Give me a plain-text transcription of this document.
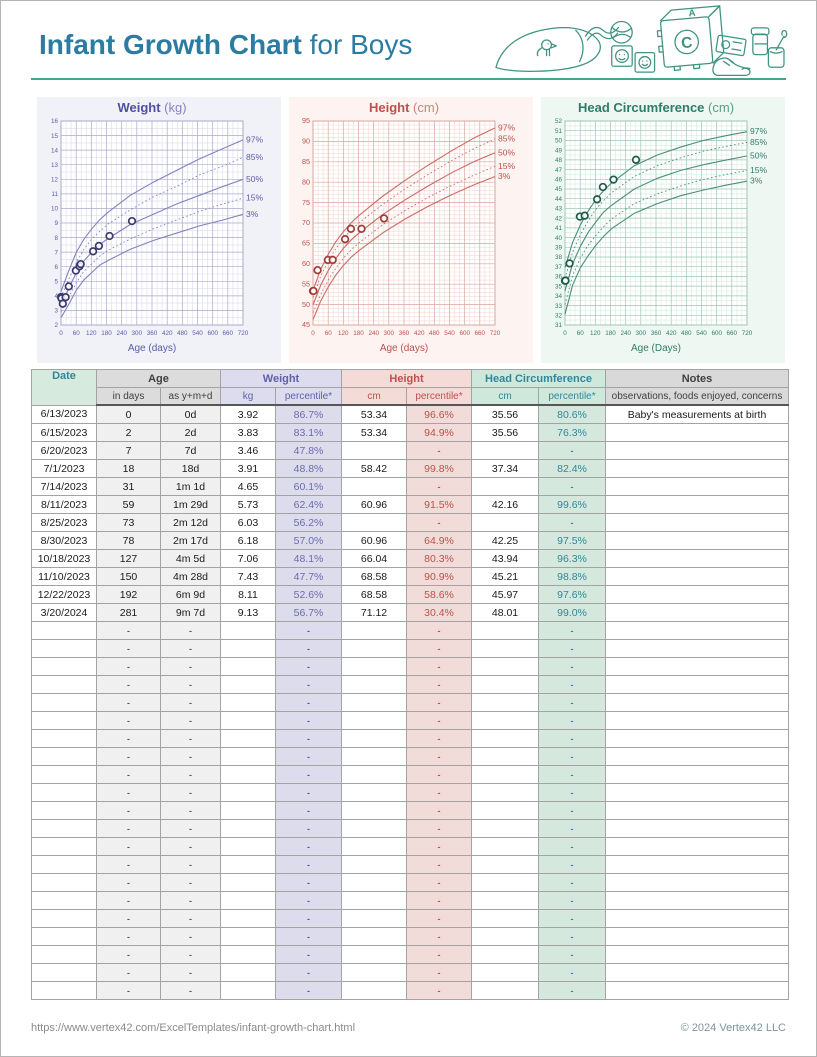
Infant Growth Chart for Boys	C
A
97%
85%
50%
15%
3%
2
3
4
5
6
7
8
9
10
11
12
13
14
15
16
0 60 120 180 240 300 360 420 480 540 600 660 720
Weight (kg)
Age (days)
97%
85%
50%
15%
3%
45
50
55
60
65
70
75
80
85
90
95
0 60 120 180 240 300 360 420 480 540 600 660 720
Height (cm)
Age (days)
97%
85%
50%
15%
3%
31
32
33
34
35
36
37
38
39
40
41
42
43
44
45
46
47
48
49
50
51
52
0 60 120 180 240 300 360 420 480 540 600 660 720
Head Circumference (cm)
Age (Days)
Date	Age		Weight		Height		Head Circumference		Notes
	in days	as y+m+d	kg	percentile*	cm	percentile*	cm	percentile*	observations, foods enjoyed, concerns
6/13/2023	0	0d	3.92	86.7%	53.34	96.6%	35.56	80.6%	Baby's measurements at birth
6/15/2023	2	2d	3.83	83.1%	53.34	94.9%	35.56	76.3%	
6/20/2023	7	7d	3.46	47.8%		-		-	
7/1/2023	18	18d	3.91	48.8%	58.42	99.8%	37.34	82.4%	
7/14/2023	31	1m 1d	4.65	60.1%		-		-	
8/11/2023	59	1m 29d	5.73	62.4%	60.96	91.5%	42.16	99.6%	
8/25/2023	73	2m 12d	6.03	56.2%		-		-	
8/30/2023	78	2m 17d	6.18	57.0%	60.96	64.9%	42.25	97.5%	
10/18/2023	127	4m 5d	7.06	48.1%	66.04	80.3%	43.94	96.3%	
11/10/2023	150	4m 28d	7.43	47.7%	68.58	90.9%	45.21	98.8%	
12/22/2023	192	6m 9d	8.11	52.6%	68.58	58.6%	45.97	97.6%	
3/20/2024	281	9m 7d	9.13	56.7%	71.12	30.4%	48.01	99.0%	
	-	-		-		-		-	
	-	-		-		-		-	
	-	-		-		-		-	
	-	-		-		-		-	
	-	-		-		-		-	
	-	-		-		-		-	
	-	-		-		-		-	
	-	-		-		-		-	
	-	-		-		-		-	
	-	-		-		-		-	
	-	-		-		-		-	
	-	-		-		-		-	
	-	-		-		-		-	
	-	-		-		-		-	
	-	-		-		-		-	
	-	-		-		-		-	
	-	-		-		-		-	
	-	-		-		-		-	
	-	-		-		-		-	
	-	-		-		-		-	
	-	-		-		-		-	
https://www.vertex42.com/ExcelTemplates/infant-growth-chart.html	© 2024 Vertex42 LLC
